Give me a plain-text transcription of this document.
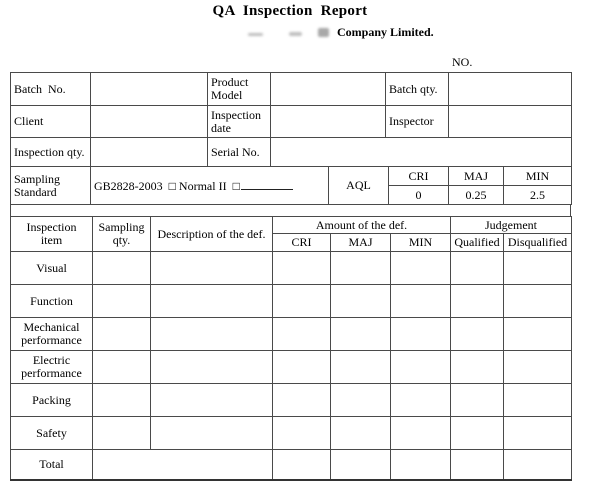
QA  Inspection  Report
Company Limited.
NO.
Batch  No.		Product Model		Batch qty.	
Client		Inspection date		Inspector	
Inspection qty.		Serial No.			
Sampling Standard	GB2828-2003  □ Normal II  □	AQL	CRI	MAJ	MIN
			0	0.25	2.5
Inspection  item	Sampling qty.	Description of the def.	Amount of the def.			Judgement	
			CRI	MAJ	MIN	Qualified	Disqualified
Visual							
Function							
Mechanical performance							
Electric performance							
Packing							
Safety							
Total							
